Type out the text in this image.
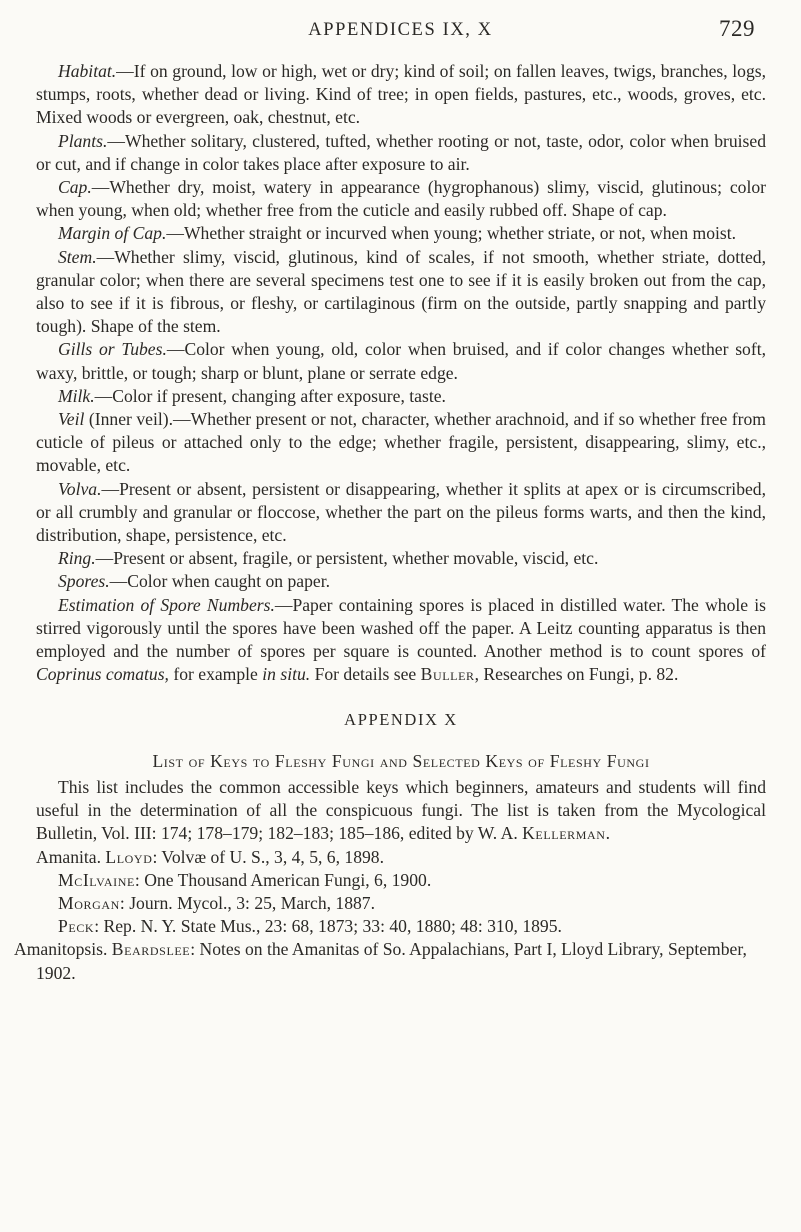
APPENDICES IX, X	729

Habitat.—If on ground, low or high, wet or dry; kind of soil; on fallen leaves, twigs, branches, logs, stumps, roots, whether dead or living. Kind of tree; in open fields, pastures, etc., woods, groves, etc. Mixed woods or evergreen, oak, chestnut, etc.

Plants.—Whether solitary, clustered, tufted, whether rooting or not, taste, odor, color when bruised or cut, and if change in color takes place after exposure to air.

Cap.—Whether dry, moist, watery in appearance (hygrophanous) slimy, viscid, glutinous; color when young, when old; whether free from the cuticle and easily rubbed off. Shape of cap.

Margin of Cap.—Whether straight or incurved when young; whether striate, or not, when moist.

Stem.—Whether slimy, viscid, glutinous, kind of scales, if not smooth, whether striate, dotted, granular color; when there are several specimens test one to see if it is easily broken out from the cap, also to see if it is fibrous, or fleshy, or cartilaginous (firm on the outside, partly snapping and partly tough). Shape of the stem.

Gills or Tubes.—Color when young, old, color when bruised, and if color changes whether soft, waxy, brittle, or tough; sharp or blunt, plane or serrate edge.

Milk.—Color if present, changing after exposure, taste.

Veil (Inner veil).—Whether present or not, character, whether arachnoid, and if so whether free from cuticle of pileus or attached only to the edge; whether fragile, persistent, disappearing, slimy, etc., movable, etc.

Volva.—Present or absent, persistent or disappearing, whether it splits at apex or is circumscribed, or all crumbly and granular or floccose, whether the part on the pileus forms warts, and then the kind, distribution, shape, persistence, etc.

Ring.—Present or absent, fragile, or persistent, whether movable, viscid, etc.

Spores.—Color when caught on paper.

Estimation of Spore Numbers.—Paper containing spores is placed in distilled water. The whole is stirred vigorously until the spores have been washed off the paper. A Leitz counting apparatus is then employed and the number of spores per square is counted. Another method is to count spores of Coprinus comatus, for example in situ. For details see Buller, Researches on Fungi, p. 82.

APPENDIX X
List of Keys to Fleshy Fungi and Selected Keys of Fleshy Fungi

This list includes the common accessible keys which beginners, amateurs and students will find useful in the determination of all the conspicuous fungi. The list is taken from the Mycological Bulletin, Vol. III: 174; 178–179; 182–183; 185–186, edited by W. A. Kellerman.

Amanita. Lloyd: Volvæ of U. S., 3, 4, 5, 6, 1898.

McIlvaine: One Thousand American Fungi, 6, 1900.

Morgan: Journ. Mycol., 3: 25, March, 1887.

Peck: Rep. N. Y. State Mus., 23: 68, 1873; 33: 40, 1880; 48: 310, 1895.

Amanitopsis. Beardslee: Notes on the Amanitas of So. Appalachians, Part I, Lloyd Library, September, 1902.
